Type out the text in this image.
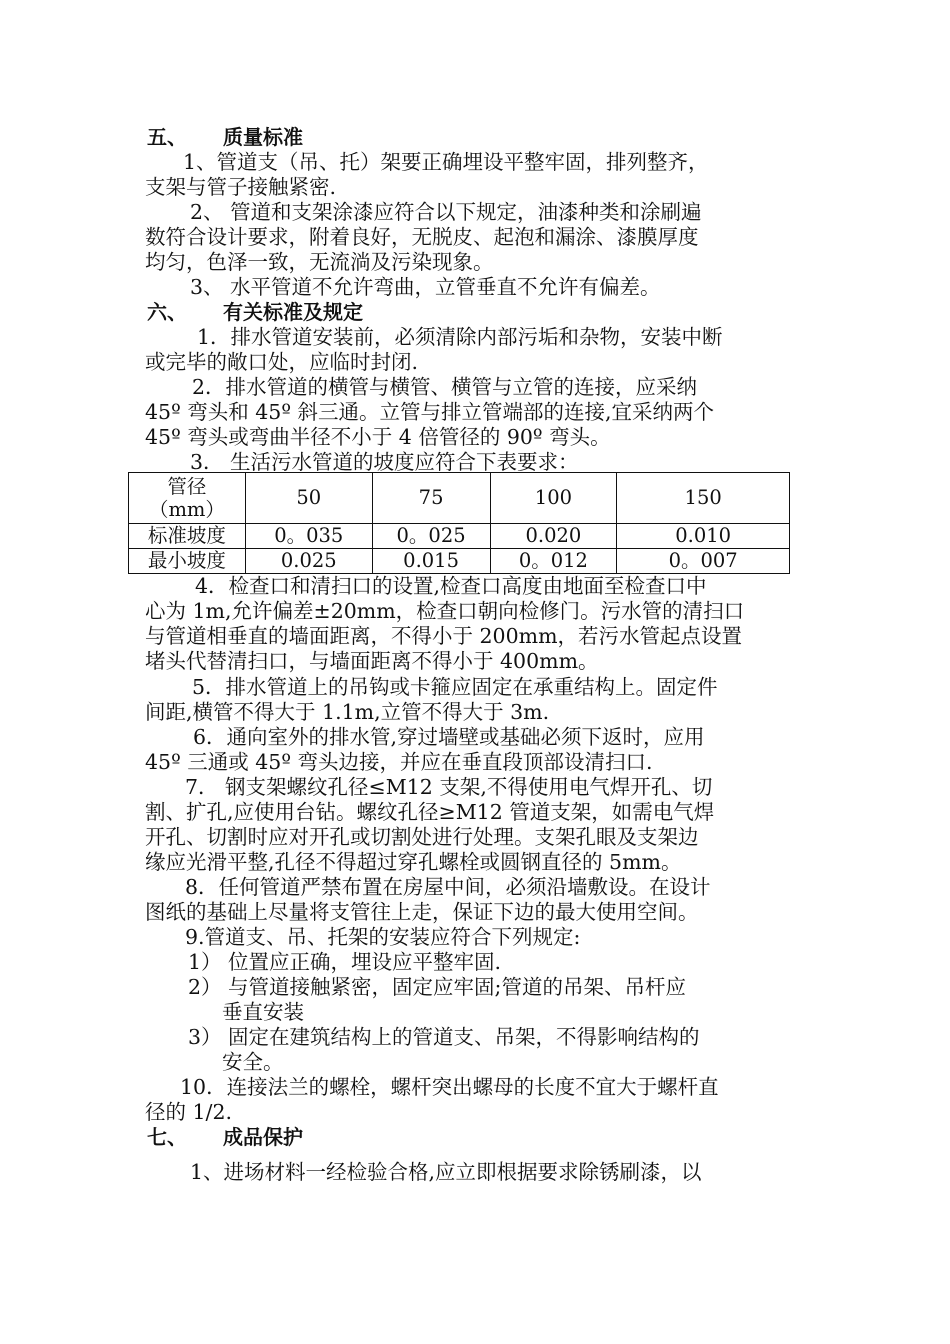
五、 质量标准
1、管道支（吊、托）架要正确埋设平整牢固，排列整齐，
支架与管子接触紧密.
2、 管道和支架涂漆应符合以下规定，油漆种类和涂刷遍
数符合设计要求，附着良好，无脱皮、起泡和漏涂、漆膜厚度
均匀，色泽一致，无流淌及污染现象。
3、 水平管道不允许弯曲，立管垂直不允许有偏差。
六、 有关标准及规定
1．排水管道安装前，必须清除内部污垢和杂物，安装中断
或完毕的敞口处，应临时封闭.
2．排水管道的横管与横管、横管与立管的连接，应采纳
45º 弯头和 45º 斜三通。立管与排立管端部的连接,宜采纳两个
45º 弯头或弯曲半径不小于 4 倍管径的 90º 弯头。
3． 生活污水管道的坡度应符合下表要求：
管径
（mm）	50	75	100	150
标准坡度	0。035	0。025	0.020	0.010
最小坡度	0.025	0.015	0。012	0。007
4．检查口和清扫口的设置,检查口高度由地面至检查口中
心为 1m,允许偏差±20mm，检查口朝向检修门。污水管的清扫口
与管道相垂直的墙面距离，不得小于 200mm，若污水管起点设置
堵头代替清扫口，与墙面距离不得小于 400mm。
5．排水管道上的吊钩或卡箍应固定在承重结构上。固定件
间距,横管不得大于 1.1m,立管不得大于 3m.
6．通向室外的排水管,穿过墙壁或基础必须下返时，应用
45º 三通或 45º 弯头边接，并应在垂直段顶部设清扫口.
7． 钢支架螺纹孔径≤M12 支架,不得使用电气焊开孔、切
割、扩孔,应使用台钻。螺纹孔径≥M12 管道支架，如需电气焊
开孔、切割时应对开孔或切割处进行处理。支架孔眼及支架边
缘应光滑平整,孔径不得超过穿孔螺栓或圆钢直径的 5mm。
8．任何管道严禁布置在房屋中间，必须沿墙敷设。在设计
图纸的基础上尽量将支管往上走，保证下边的最大使用空间。
9.管道支、吊、托架的安装应符合下列规定:
1） 位置应正确，埋设应平整牢固.
2） 与管道接触紧密，固定应牢固;管道的吊架、吊杆应
垂直安装
3） 固定在建筑结构上的管道支、吊架，不得影响结构的
安全。
10．连接法兰的螺栓，螺杆突出螺母的长度不宜大于螺杆直
径的 1/2.
七、 成品保护
1、进场材料一经检验合格,应立即根据要求除锈刷漆，以
